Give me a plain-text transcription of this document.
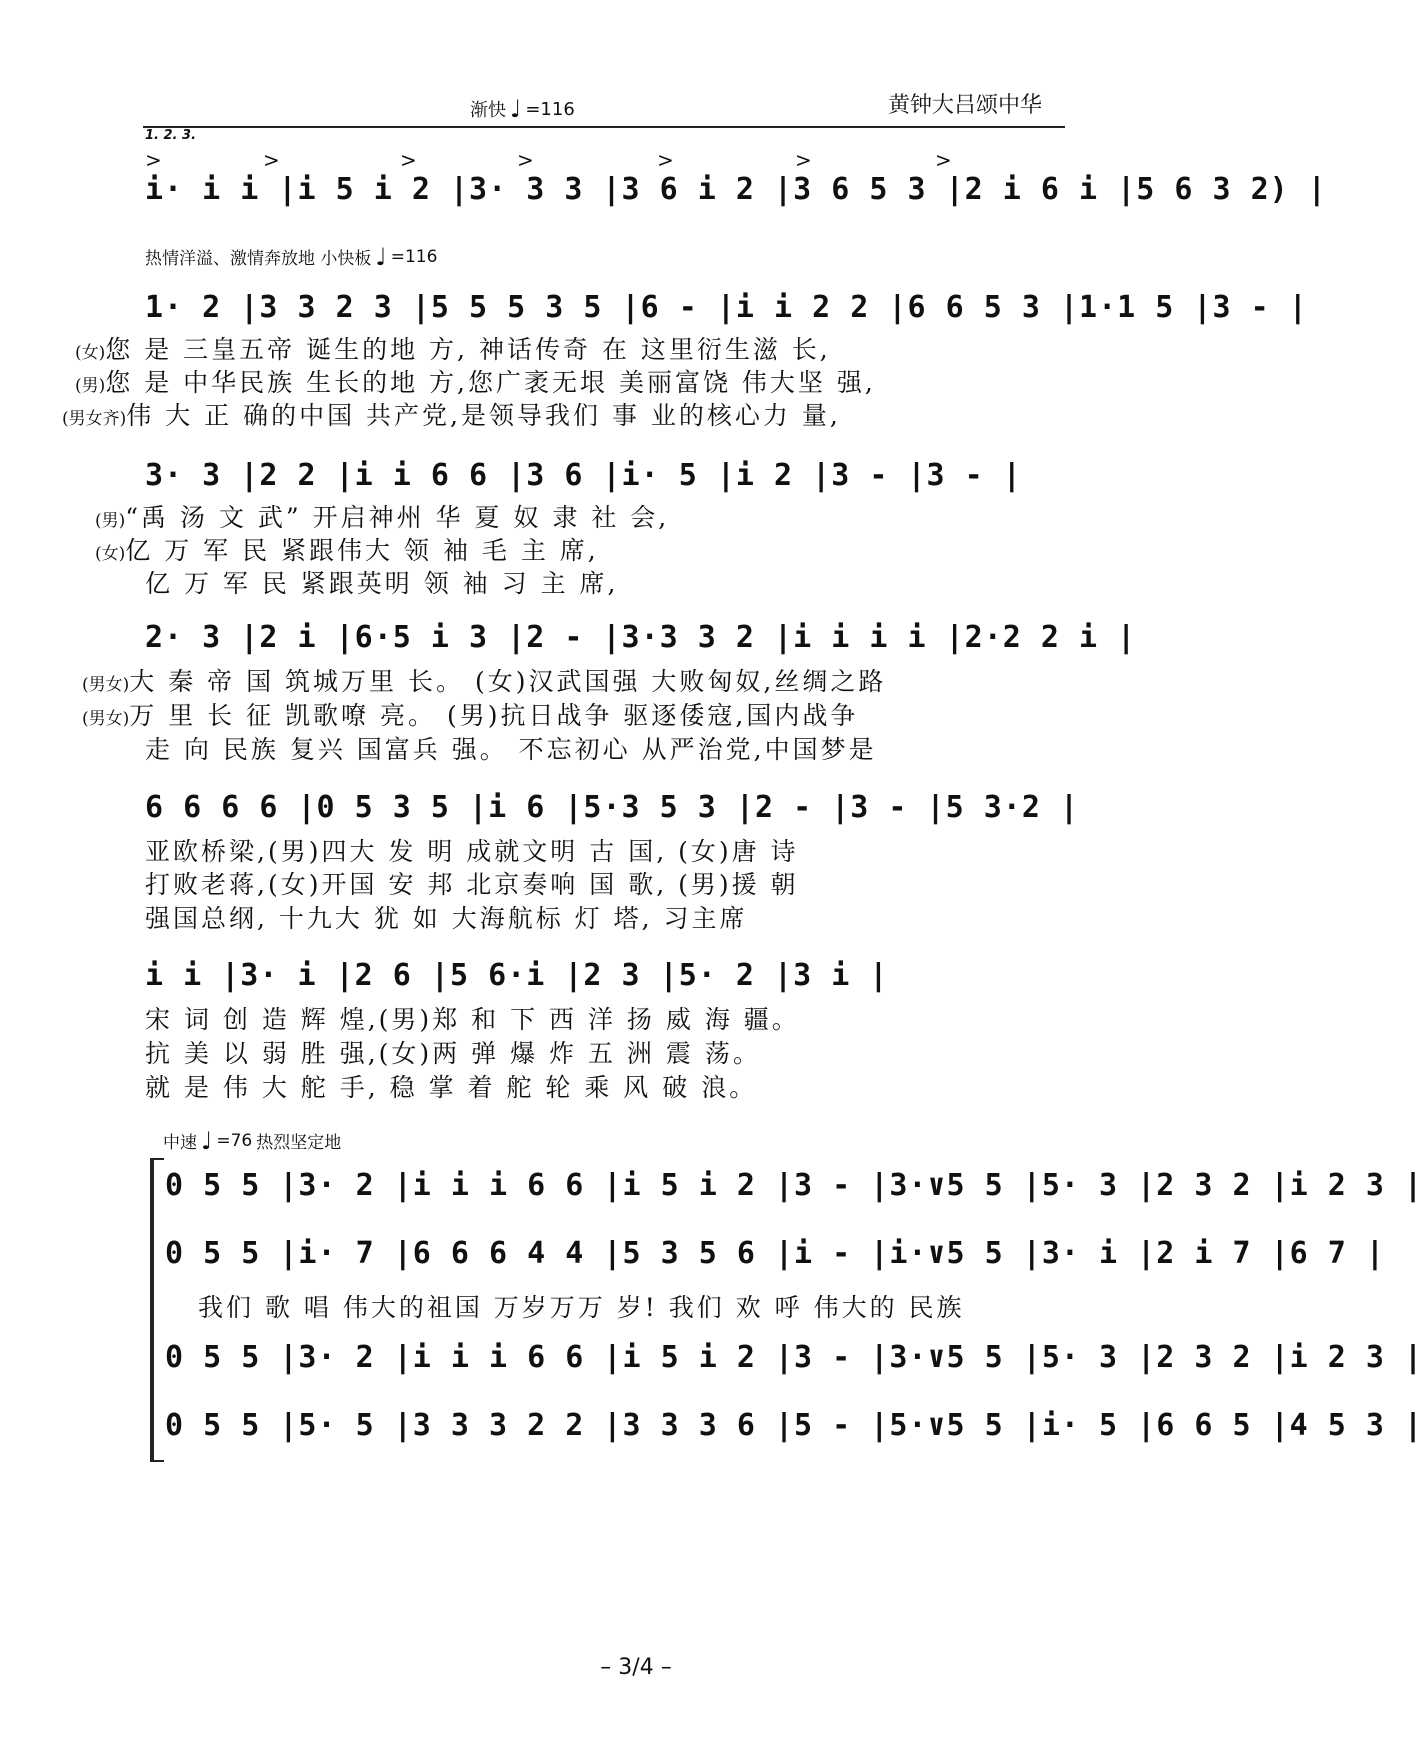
黄钟大吕颂中华
渐快 ♩ =116
1. 2. 3.
>	>	>	>	>	>	>
i· i i |i 5 i 2 |3· 3 3 |3 6 i 2 |3 6 5 3 |2 i 6 i |5 6 3 2) |
热情洋溢、激情奔放地 小快板 ♩ =116
1· 2 |3 3 2 3 |5 5 5 3 5 |6 - |i i 2 2 |6 6 5 3 |1·1 5 |3 - |
(女)您 是 三皇五帝 诞生的地 方, 神话传奇 在 这里衍生滋 长,
(男)您 是 中华民族 生长的地 方,您广袤无垠 美丽富饶 伟大坚 强,
(男女齐)伟 大 正 确的中国 共产党,是领导我们 事 业的核心力 量,
3· 3 |2 2 |i i 6 6 |3 6 |i· 5 |i 2 |3 - |3 - |
(男)“禹 汤 文 武” 开启神州 华 夏 奴 隶 社 会,
(女)亿 万 军 民 紧跟伟大 领 袖 毛 主 席,
亿 万 军 民 紧跟英明 领 袖 习 主 席,
2· 3 |2 i |6·5 i 3 |2 - |3·3 3 2 |i i i i |2·2 2 i |
(男女)大 秦 帝 国 筑城万里 长。 (女)汉武国强 大败匈奴,丝绸之路
(男女)万 里 长 征 凯歌嘹 亮。 (男)抗日战争 驱逐倭寇,国内战争
走 向 民族 复兴 国富兵 强。 不忘初心 从严治党,中国梦是
6 6 6 6 |0 5 3 5 |i 6 |5·3 5 3 |2 - |3 - |5 3·2 |
亚欧桥梁,(男)四大 发 明 成就文明 古 国, (女)唐 诗
打败老蒋,(女)开国 安 邦 北京奏响 国 歌, (男)援 朝
强国总纲, 十九大 犹 如 大海航标 灯 塔, 习主席
i i |3· i |2 6 |5 6·i |2 3 |5· 2 |3 i |
宋 词 创 造 辉 煌,(男)郑 和 下 西 洋 扬 威 海 疆。
抗 美 以 弱 胜 强,(女)两 弹 爆 炸 五 洲 震 荡。
就 是 伟 大 舵 手, 稳 掌 着 舵 轮 乘 风 破 浪。
中速 ♩ =76 热烈坚定地
0 5 5 |3· 2 |i i i 6 6 |i 5 i 2 |3 - |3·∨5 5 |5· 3 |2 3 2 |i 2 3 |
0 5 5 |i· 7 |6 6 6 4 4 |5 3 5 6 |i - |i·∨5 5 |3· i |2 i 7 |6 7 |
我们 歌 唱 伟大的祖国 万岁万万 岁! 我们 欢 呼 伟大的 民族
0 5 5 |3· 2 |i i i 6 6 |i 5 i 2 |3 - |3·∨5 5 |5· 3 |2 3 2 |i 2 3 |
0 5 5 |5· 5 |3 3 3 2 2 |3 3 3 6 |5 - |5·∨5 5 |i· 5 |6 6 5 |4 5 3 |
– 3/4 –
